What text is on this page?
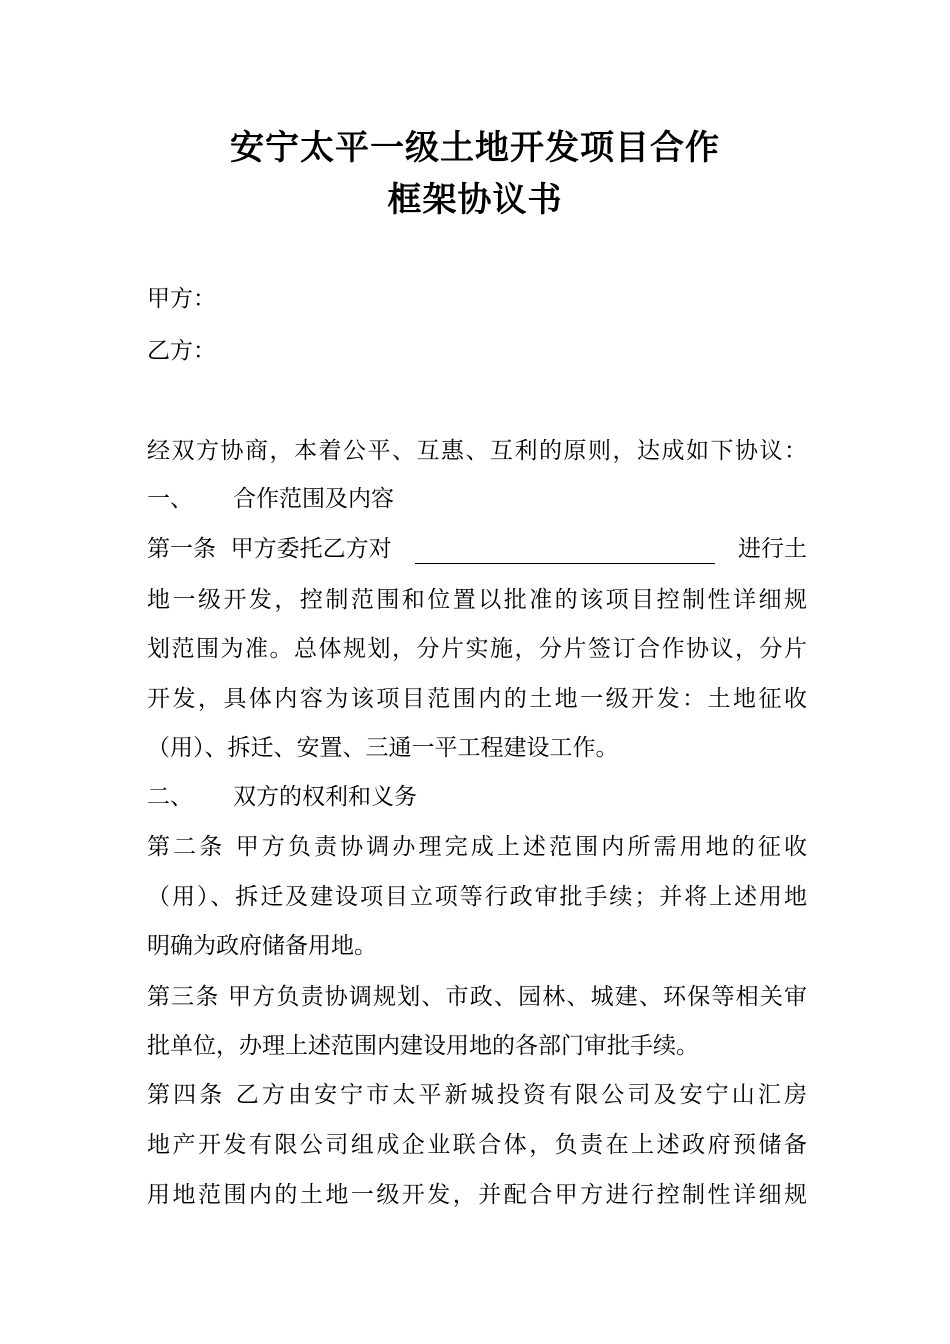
安宁太平一级土地开发项目合作
框架协议书
甲方：
乙方：
经双方协商，本着公平、互惠、互利的原则，达成如下协议：
一、 合作范围及内容
第一条  甲方委托乙方对	进行土
地一级开发，控制范围和位置以批准的该项目控制性详细规
划范围为准。总体规划，分片实施，分片签订合作协议，分片
开发，具体内容为该项目范围内的土地一级开发：土地征收
（用）、拆迁、安置、三通一平工程建设工作。
二、 双方的权利和义务
第二条 甲方负责协调办理完成上述范围内所需用地的征收
（用）、拆迁及建设项目立项等行政审批手续；并将上述用地
明确为政府储备用地。
第三条 甲方负责协调规划、市政、园林、城建、环保等相关审
批单位，办理上述范围内建设用地的各部门审批手续。
第四条 乙方由安宁市太平新城投资有限公司及安宁山汇房
地产开发有限公司组成企业联合体，负责在上述政府预储备
用地范围内的土地一级开发，并配合甲方进行控制性详细规
